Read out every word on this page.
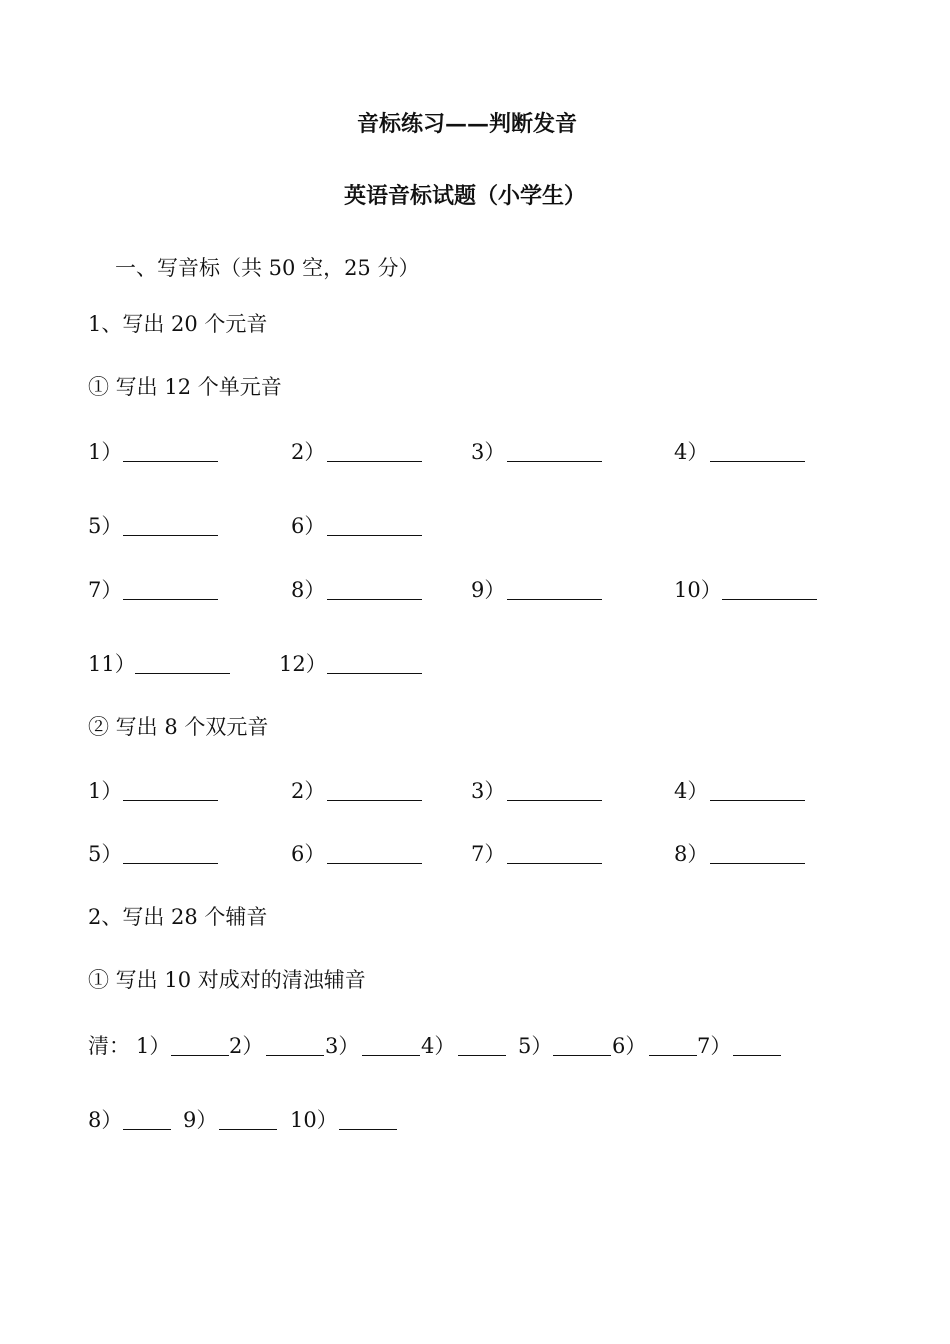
音标练习——判断发音
英语音标试题（小学生）
一、写音标（共 50 空，25 分）
1、写出 20 个元音
① 写出 12 个单元音
1）	2）	3）	4）
5）	6）
7）	8）	9）	10）
11）	12）
② 写出 8 个双元音
1）	2）	3）	4）
5）	6）	7）	8）
2、写出 28 个辅音
① 写出 10 对成对的清浊辅音
清： 1）	2）	3）	4）	5）	6） 7）
8）	9）	10）
